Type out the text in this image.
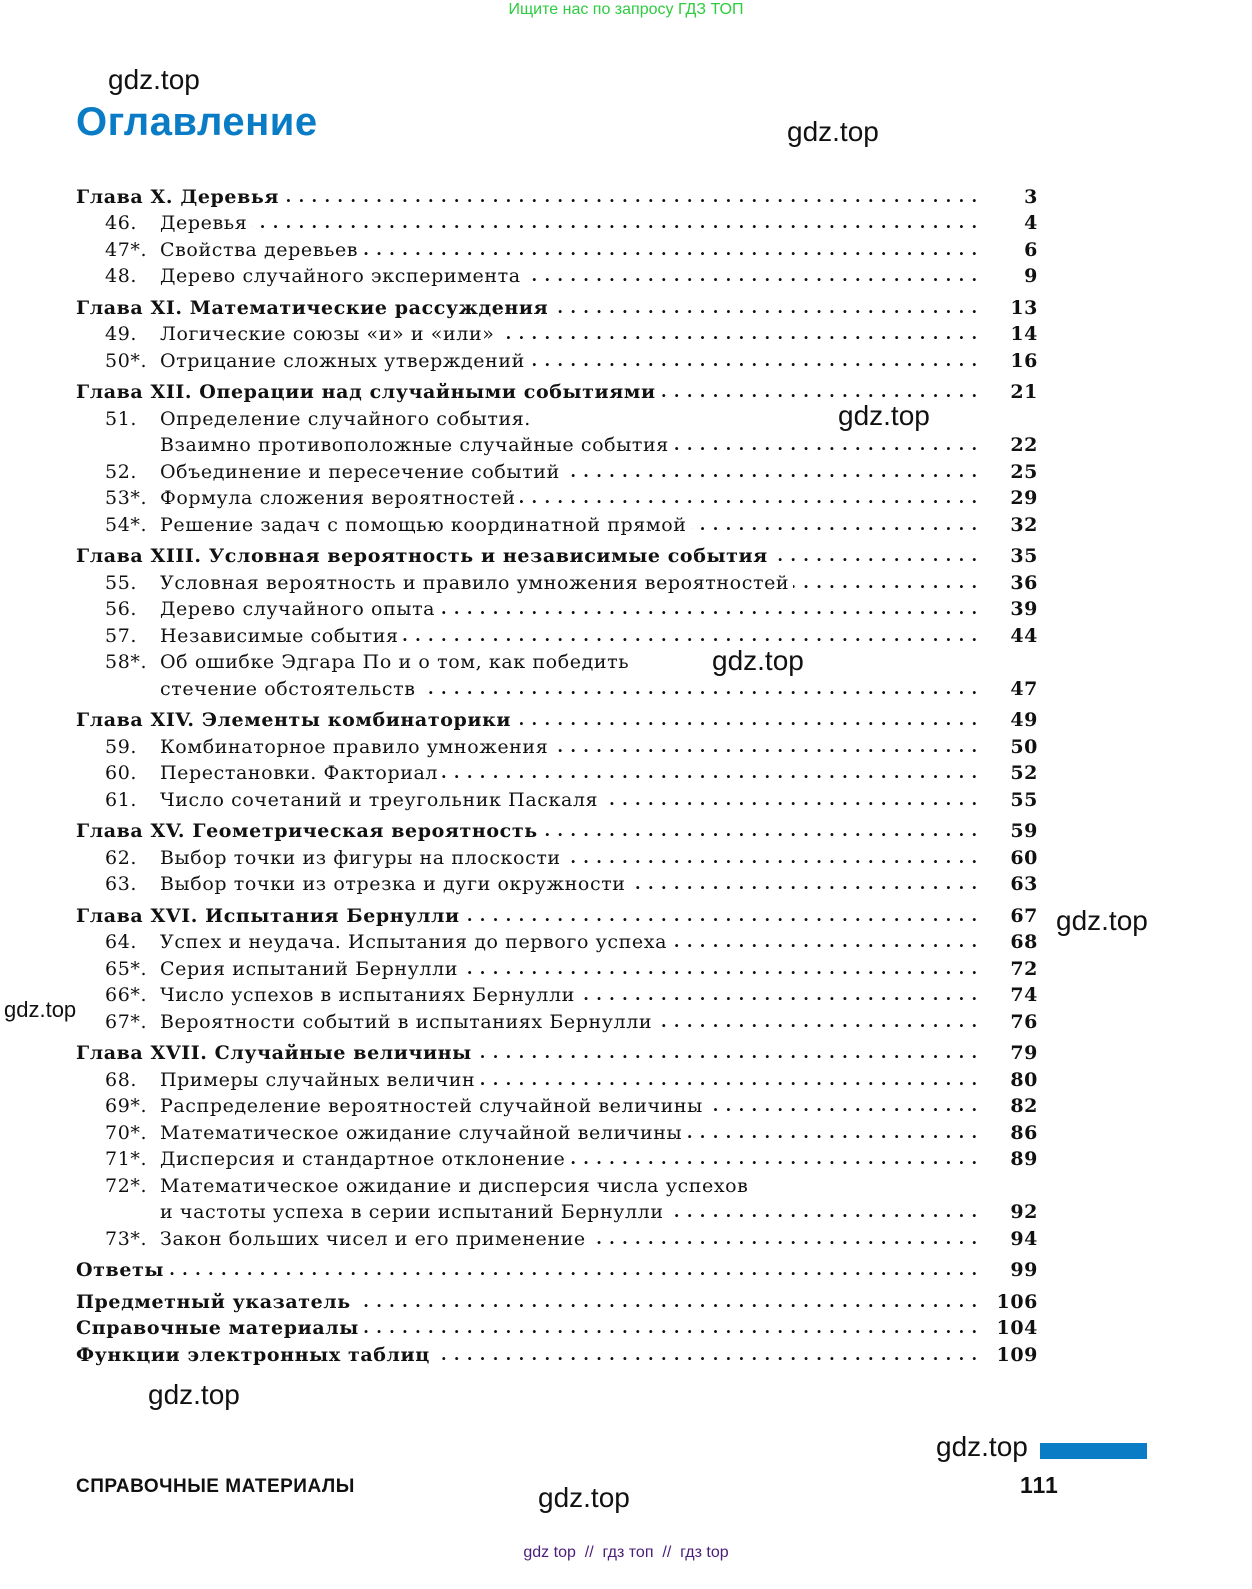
Ищите нас по запросу ГДЗ ТОП
gdz.top
gdz.top
Оглавление
Глава X. Деревья . . .	3
46.	Деревья . . .	4
47*. Свойства деревьев . . .	6
48.	Дерево случайного эксперимента . . .	9
Глава XI. Математические рассуждения . . .	13
49.	Логические союзы «и» и «или» . . .	14
50*. Отрицание сложных утверждений . . .	16
Глава XII. Операции над случайными событиями . . .	21
51.	Определение случайного события.
Взаимно противоположные случайные события . . .	22
52.	Объединение и пересечение событий . . .	25
53*. Формула сложения вероятностей . . .	29
54*. Решение задач с помощью координатной прямой . . .	32
Глава XIII. Условная вероятность и независимые события . . .	35
55.	Условная вероятность и правило умножения вероятностей . . .	36
56.	Дерево случайного опыта . . .	39
57.	Независимые события . . .	44
58*. Об ошибке Эдгара По и о том, как победить
стечение обстоятельств . . .	47
Глава XIV. Элементы комбинаторики . . .	49
59.	Комбинаторное правило умножения . . .	50
60.	Перестановки. Факториал . . .	52
61.	Число сочетаний и треугольник Паскаля . . .	55
Глава XV. Геометрическая вероятность . . .	59
62.	Выбор точки из фигуры на плоскости . . .	60
63.	Выбор точки из отрезка и дуги окружности . . .	63
Глава XVI. Испытания Бернулли . . .	67
64.	Успех и неудача. Испытания до первого успеха . . .	68
65*. Серия испытаний Бернулли . . .	72
66*. Число успехов в испытаниях Бернулли . . .	74
67*. Вероятности событий в испытаниях Бернулли . . .	76
Глава XVII. Случайные величины . . .	79
68.	Примеры случайных величин . . .	80
69*. Распределение вероятностей случайной величины . . .	82
70*. Математическое ожидание случайной величины . . .	86
71*. Дисперсия и стандартное отклонение . . .	89
72*. Математическое ожидание и дисперсия числа успехов
и частоты успеха в серии испытаний Бернулли . . .	92
73*. Закон больших чисел и его применение . . .	94
Ответы . . .	99
Предметный указатель . . .	106
Справочные материалы . . .	104
Функции электронных таблиц . . .	109
gdz.top
gdz.top
gdz.top
gdz.top
gdz.top
gdz.top
gdz.top
СПРАВОЧНЫЕ МАТЕРИАЛЫ	111
gdz top  //  гдз топ  //  гдз top
